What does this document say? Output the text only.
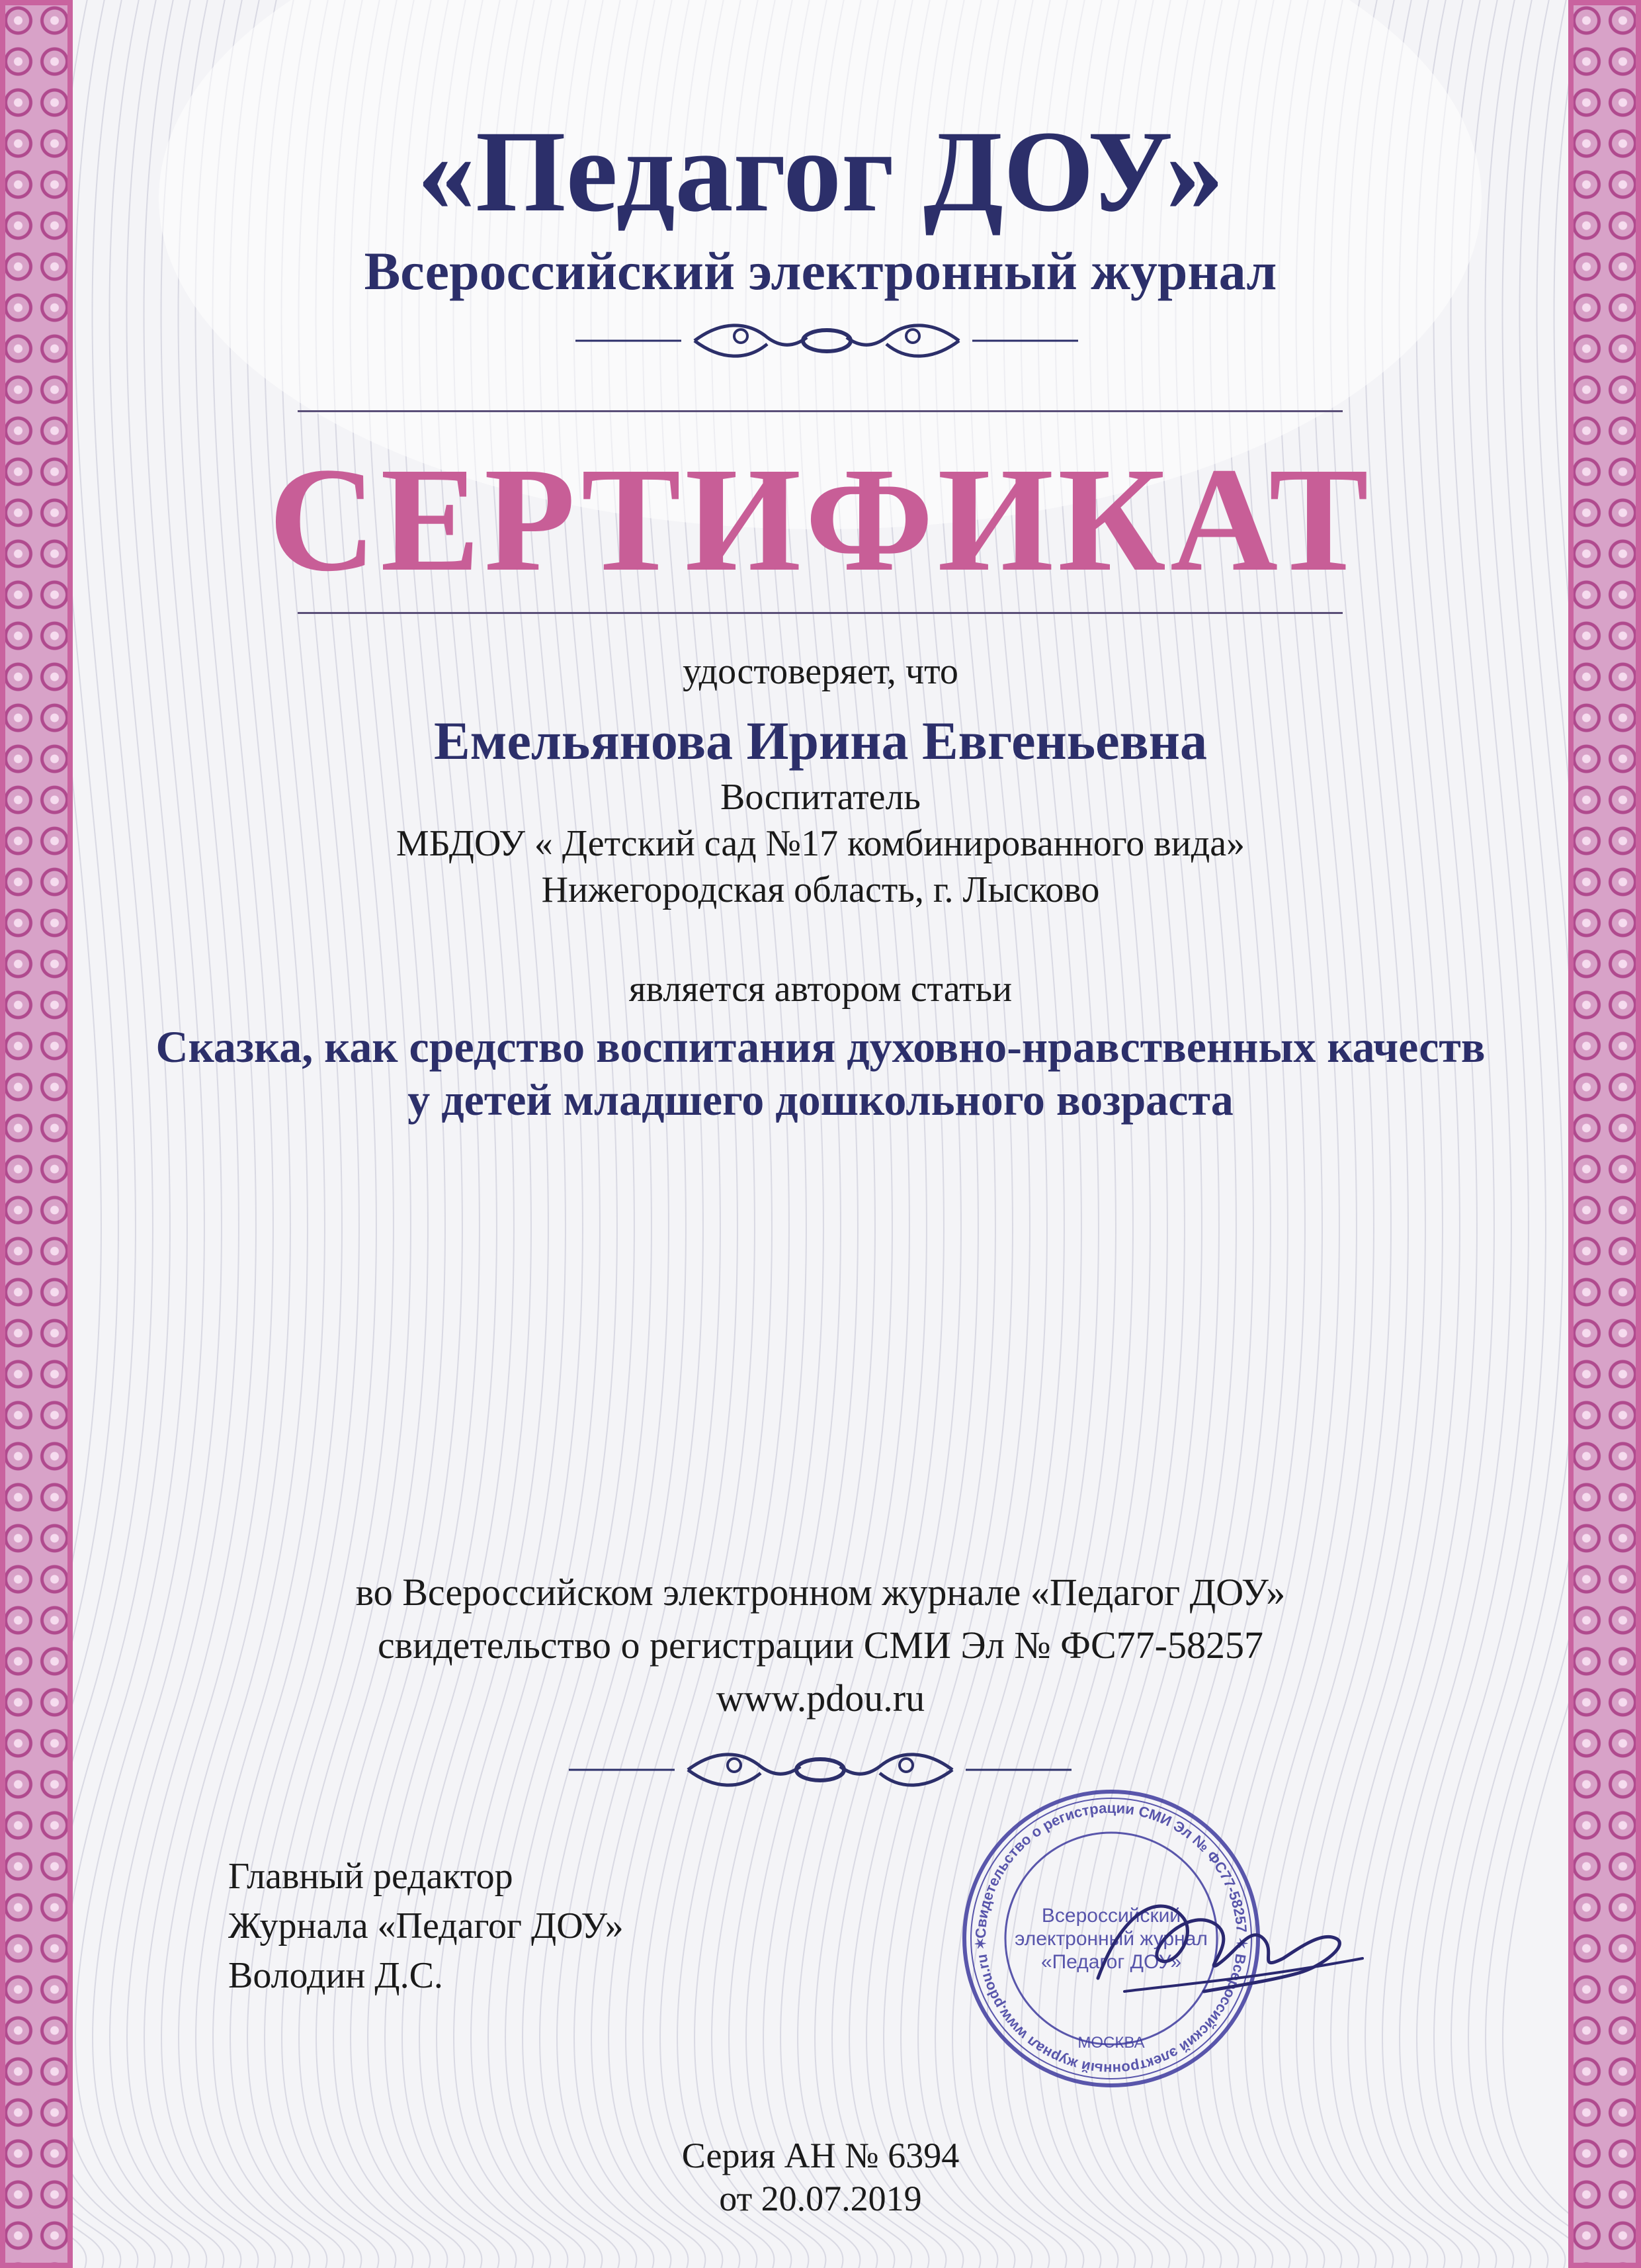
«Педагог ДОУ»

Всероссийский электронный журнал

СЕРТИФИКАТ

удостоверяет, что

Емельянова Ирина Евгеньевна

Воспитатель

МБДОУ « Детский сад №17 комбинированного вида»

Нижегородская область, г. Лысково

является автором статьи

Сказка, как средство воспитания духовно-нравственных качеств

у детей младшего дошкольного возраста

во Всероссийском электронном журнале «Педагог ДОУ»

свидетельство о регистрации СМИ Эл № ФС77-58257

www.pdou.ru

Главный редактор

Журнала «Педагог ДОУ»

Володин Д.С.

Свидетельство о регистрации СМИ Эл № ФС77-58257 ✶ Всероссийский электронный журнал www.pdou.ru ✶
Всероссийский
электронный журнал
«Педагог ДОУ»
МОСКВА

Серия АН № 6394

от 20.07.2019
